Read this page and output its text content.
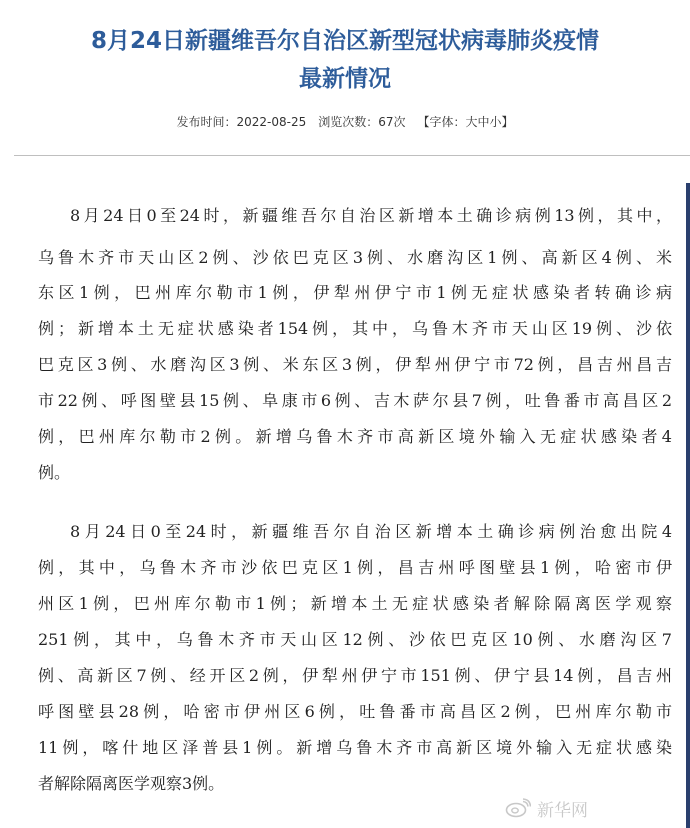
8月24日新疆维吾尔自治区新型冠状病毒肺炎疫情
最新情况
发布时间：2022-08-25 浏览次数：67次 【字体：大中小】
8月24日0至24时，新疆维吾尔自治区新增本土确诊病例13例，其中，
乌鲁木齐市天山区2例、沙依巴克区3例、水磨沟区1例、高新区4例、米
东区1例，巴州库尔勒市1例，伊犁州伊宁市1例无症状感染者转确诊病
例；新增本土无症状感染者154例，其中，乌鲁木齐市天山区19例、沙依
巴克区3例、水磨沟区3例、米东区3例，伊犁州伊宁市72例，昌吉州昌吉
市22例、呼图壁县15例、阜康市6例、吉木萨尔县7例，吐鲁番市高昌区2
例，巴州库尔勒市2例。新增乌鲁木齐市高新区境外输入无症状感染者4
例。
8月24日0至24时，新疆维吾尔自治区新增本土确诊病例治愈出院4
例，其中，乌鲁木齐市沙依巴克区1例，昌吉州呼图壁县1例，哈密市伊
州区1例，巴州库尔勒市1例；新增本土无症状感染者解除隔离医学观察
251例，其中，乌鲁木齐市天山区12例、沙依巴克区10例、水磨沟区7
例、高新区7例、经开区2例，伊犁州伊宁市151例、伊宁县14例，昌吉州
呼图壁县28例，哈密市伊州区6例，吐鲁番市高昌区2例，巴州库尔勒市
11例，喀什地区泽普县1例。新增乌鲁木齐市高新区境外输入无症状感染
者解除隔离医学观察3例。
新华网
